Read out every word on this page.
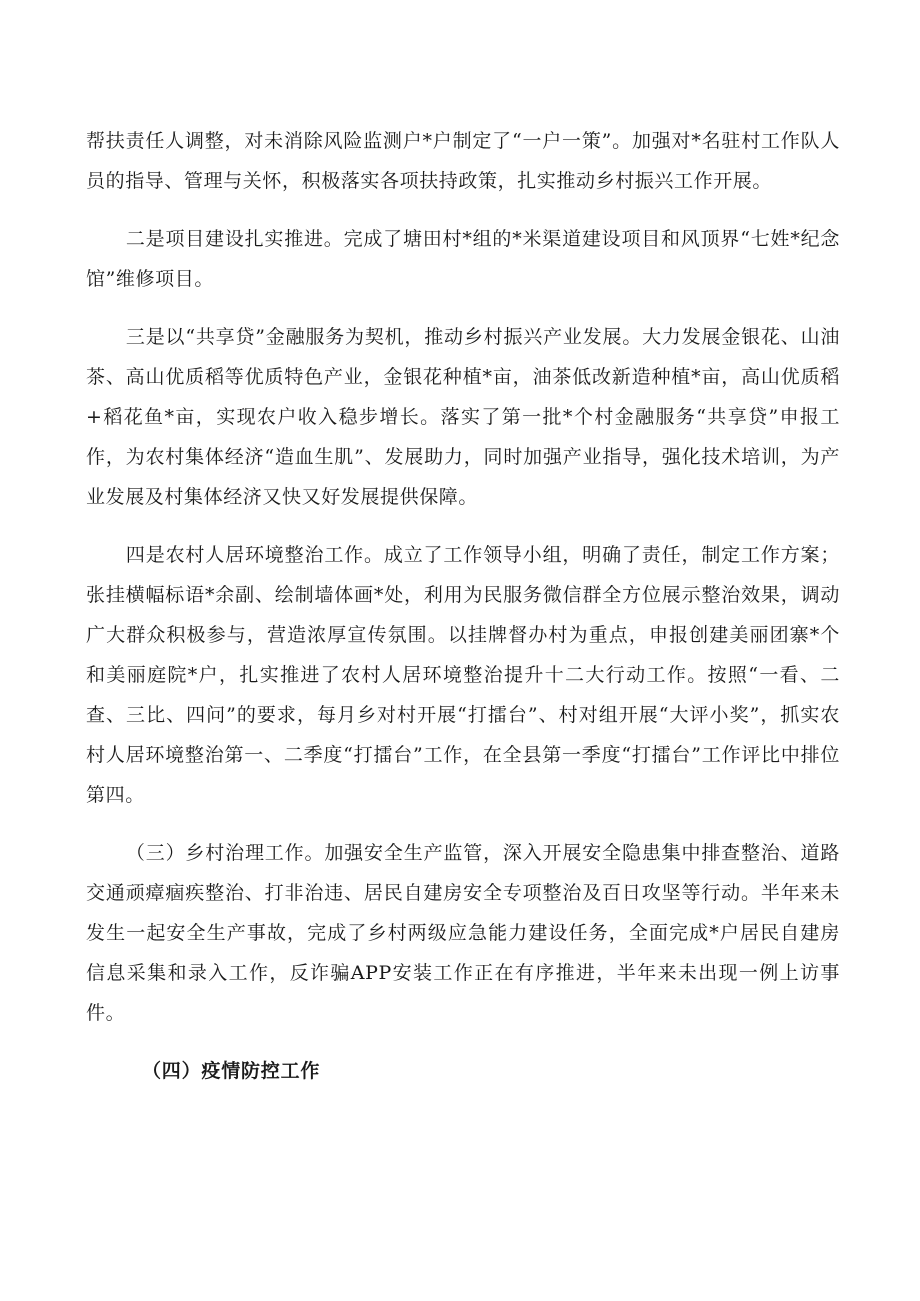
帮扶责任人调整，对未消除风险监测户*户制定了“一户一策”。加强对*名驻村工作队人员的指导、管理与关怀，积极落实各项扶持政策，扎实推动乡村振兴工作开展。

二是项目建设扎实推进。完成了塘田村*组的*米渠道建设项目和风顶界“七姓*纪念馆”维修项目。

三是以“共享贷”金融服务为契机，推动乡村振兴产业发展。大力发展金银花、山油茶、高山优质稻等优质特色产业，金银花种植*亩，油茶低改新造种植*亩，高山优质稻+稻花鱼*亩，实现农户收入稳步增长。落实了第一批*个村金融服务“共享贷”申报工作，为农村集体经济“造血生肌”、发展助力，同时加强产业指导，强化技术培训，为产业发展及村集体经济又快又好发展提供保障。

四是农村人居环境整治工作。成立了工作领导小组，明确了责任，制定工作方案；张挂横幅标语*余副、绘制墙体画*处，利用为民服务微信群全方位展示整治效果，调动广大群众积极参与，营造浓厚宣传氛围。以挂牌督办村为重点，申报创建美丽团寨*个和美丽庭院*户，扎实推进了农村人居环境整治提升十二大行动工作。按照“一看、二查、三比、四问”的要求，每月乡对村开展“打擂台”、村对组开展“大评小奖”，抓实农村人居环境整治第一、二季度“打擂台”工作，在全县第一季度“打擂台”工作评比中排位第四。

（三）乡村治理工作。加强安全生产监管，深入开展安全隐患集中排查整治、道路交通顽瘴痼疾整治、打非治违、居民自建房安全专项整治及百日攻坚等行动。半年来未发生一起安全生产事故，完成了乡村两级应急能力建设任务，全面完成*户居民自建房信息采集和录入工作，反诈骗APP安装工作正在有序推进，半年来未出现一例上访事件。

（四）疫情防控工作
